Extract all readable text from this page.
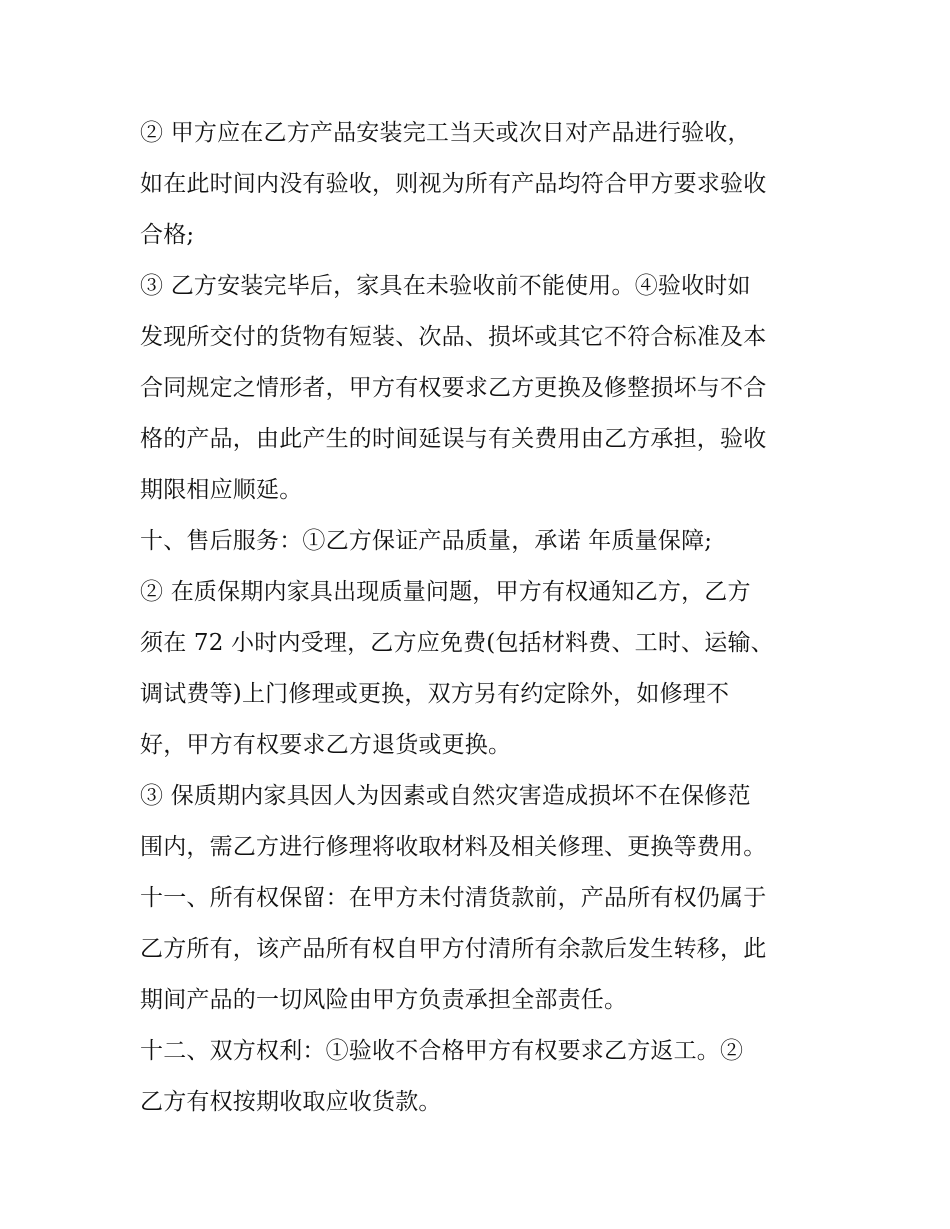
② 甲方应在乙方产品安装完工当天或次日对产品进行验收，
如在此时间内没有验收，则视为所有产品均符合甲方要求验收
合格;
③ 乙方安装完毕后，家具在未验收前不能使用。④验收时如
发现所交付的货物有短装、次品、损坏或其它不符合标准及本
合同规定之情形者，甲方有权要求乙方更换及修整损坏与不合
格的产品，由此产生的时间延误与有关费用由乙方承担，验收
期限相应顺延。
十、售后服务：①乙方保证产品质量，承诺 年质量保障;
② 在质保期内家具出现质量问题，甲方有权通知乙方，乙方
须在 72 小时内受理，乙方应免费(包括材料费、工时、运输、
调试费等)上门修理或更换，双方另有约定除外，如修理不
好，甲方有权要求乙方退货或更换。
③ 保质期内家具因人为因素或自然灾害造成损坏不在保修范
围内，需乙方进行修理将收取材料及相关修理、更换等费用。
十一、所有权保留：在甲方未付清货款前，产品所有权仍属于
乙方所有，该产品所有权自甲方付清所有余款后发生转移，此
期间产品的一切风险由甲方负责承担全部责任。
十二、双方权利：①验收不合格甲方有权要求乙方返工。②
乙方有权按期收取应收货款。
